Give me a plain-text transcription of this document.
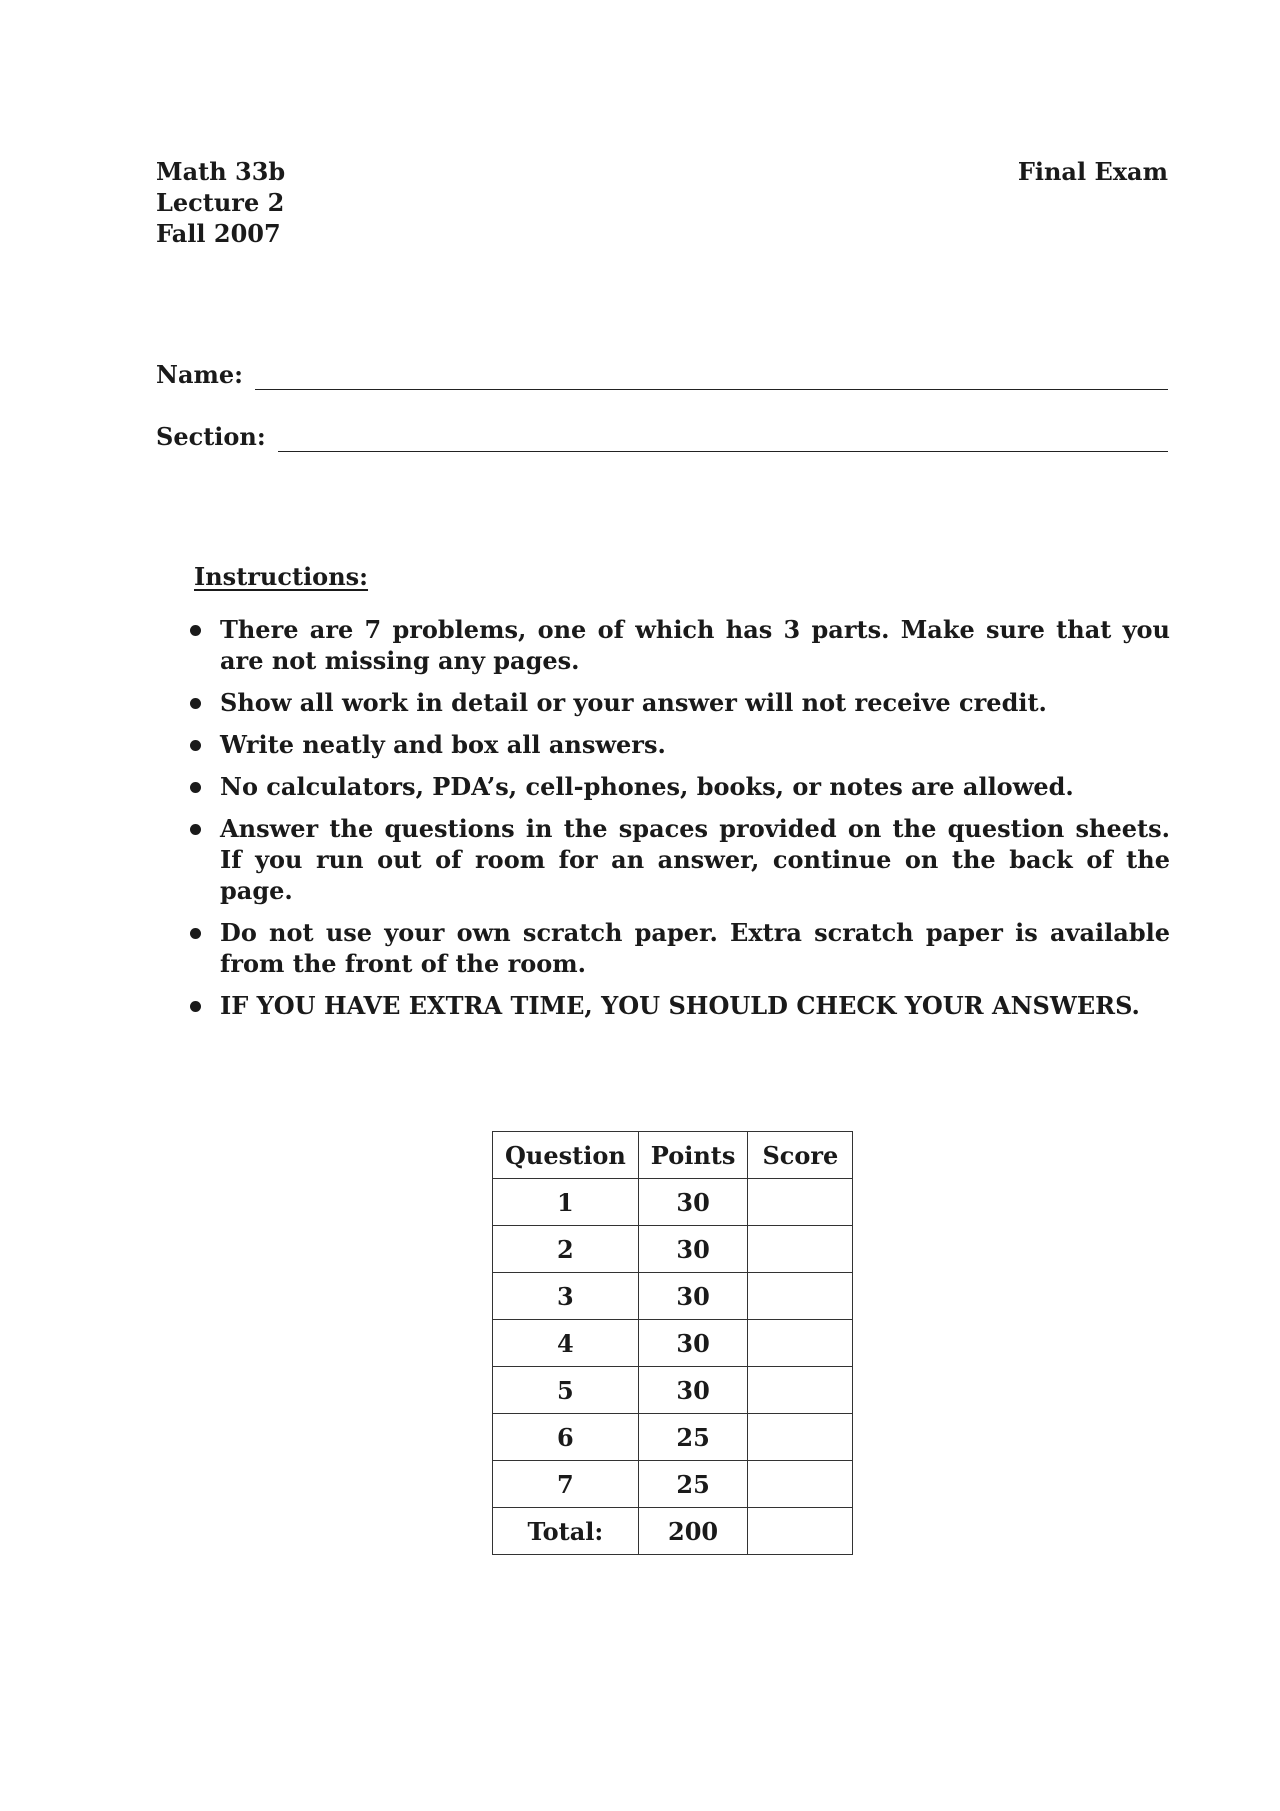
Math 33b
Lecture 2
Fall 2007
Final Exam
Name:
Section:
Instructions:
There are 7 problems, one of which has 3 parts. Make sure that you are not missing any pages.
Show all work in detail or your answer will not receive credit.
Write neatly and box all answers.
No calculators, PDA’s, cell-phones, books, or notes are allowed.
Answer the questions in the spaces provided on the question sheets. If you run out of room for an answer, continue on the back of the page.
Do not use your own scratch paper. Extra scratch paper is available from the front of the room.
IF YOU HAVE EXTRA TIME, YOU SHOULD CHECK YOUR ANSWERS.
Question	Points	Score
1	30	
2	30	
3	30	
4	30	
5	30	
6	25	
7	25	
Total:	200	
